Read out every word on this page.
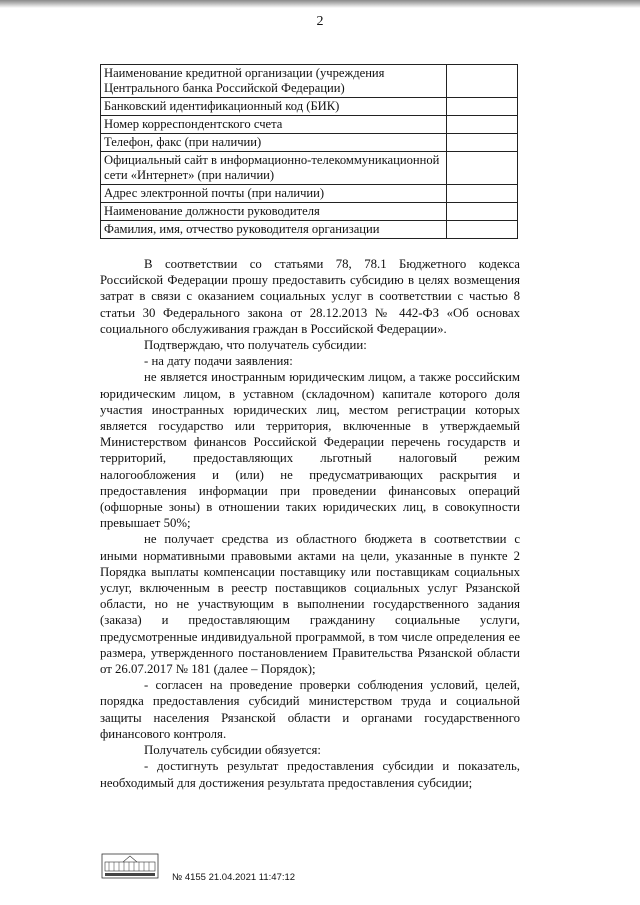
2
Наименование кредитной организации (учреждения Центрального банка Российской Федерации)	
Банковский идентификационный код (БИК)	
Номер корреспондентского счета	
Телефон, факс (при наличии)	
Официальный сайт в информационно-телекоммуникационной сети «Интернет» (при наличии)	
Адрес электронной почты (при наличии)	
Наименование должности руководителя	
Фамилия, имя, отчество руководителя организации	

В соответствии со статьями 78, 78.1 Бюджетного кодекса Российской Федерации прошу предоставить субсидию в целях возмещения затрат в связи с оказанием социальных услуг в соответствии с частью 8 статьи 30 Федерального закона от 28.12.2013 № 442-ФЗ «Об основах социального обслуживания граждан в Российской Федерации».

Подтверждаю, что получатель субсидии:

- на дату подачи заявления:

не является иностранным юридическим лицом, а также российским юридическим лицом, в уставном (складочном) капитале которого доля участия иностранных юридических лиц, местом регистрации которых является государство или территория, включенные в утверждаемый Министерством финансов Российской Федерации перечень государств и территорий, предоставляющих льготный налоговый режим налогообложения и (или) не предусматривающих раскрытия и предоставления информации при проведении финансовых операций (офшорные зоны) в отношении таких юридических лиц, в совокупности превышает 50%;

не получает средства из областного бюджета в соответствии с иными нормативными правовыми актами на цели, указанные в пункте 2 Порядка выплаты компенсации поставщику или поставщикам социальных услуг, включенным в реестр поставщиков социальных услуг Рязанской области, но не участвующим в выполнении государственного задания (заказа) и предоставляющим гражданину социальные услуги, предусмотренные индивидуальной программой, в том числе определения ее размера, утвержденного постановлением Правительства Рязанской области от 26.07.2017 № 181 (далее – Порядок);

- согласен на проведение проверки соблюдения условий, целей, порядка предоставления субсидий министерством труда и социальной защиты населения Рязанской области и органами государственного финансового контроля.

Получатель субсидии обязуется:

- достигнуть результат предоставления субсидии и показатель, необходимый для достижения результата предоставления субсидии;

№ 4155 21.04.2021 11:47:12
